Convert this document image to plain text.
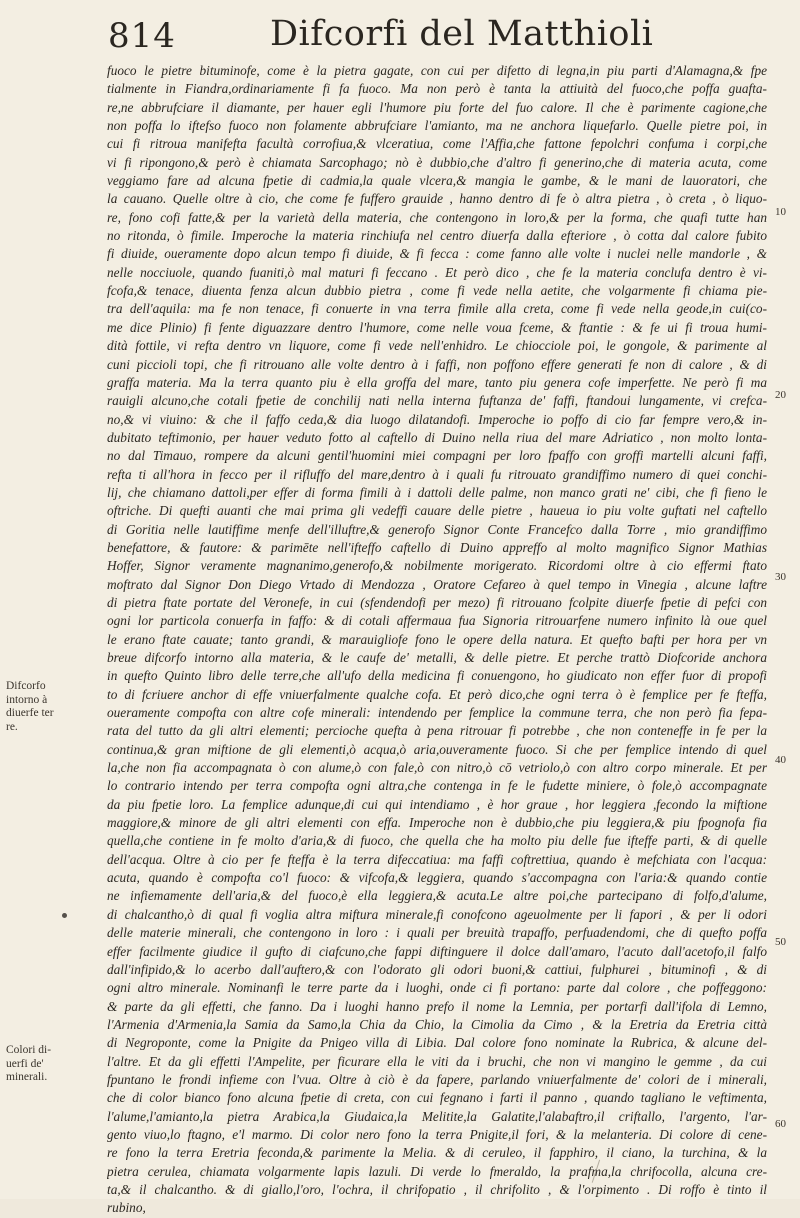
814	Difcorfi del Matthioli
fuoco le pietre bituminofe, come è la pietra gagate, con cui per difetto di legna,in piu parti d'Alamagna,& fpe
tialmente in Fiandra,ordinariamente fi fa fuoco. Ma non però è tanta la attiuità del fuoco,che poffa guafta-
re,ne abbrufciare il diamante, per hauer egli l'humore piu forte del fuo calore. Il che è parimente cagione,che
non poffa lo iftefso fuoco non folamente abbrufciare l'amianto, ma ne anchora liquefarlo. Quelle pietre poi, in
cui fi ritroua manifefta facultà corrofiua,& vlceratiua, come l'Affia,che fattone fepolchri confuma i corpi,che
vi fi ripongono,& però è chiamata Sarcophago; nò è dubbio,che d'altro fi generino,che di materia acuta, come
veggiamo fare ad alcuna fpetie di cadmia,la quale vlcera,& mangia le gambe, & le mani de lauoratori, che
la cauano. Quelle oltre à cio, che come fe fuffero grauide , hanno dentro di fe ò altra pietra , ò creta , ò liquo-
re, fono cofi fatte,& per la varietà della materia, che contengono in loro,& per la forma, che quafi tutte han
no ritonda, ò fimile. Imperoche la materia rinchiufa nel centro diuerfa dalla efteriore , ò cotta dal calore fubito
fi diuide, oueramente dopo alcun tempo fi diuide, & fi fecca : come fanno alle volte i nuclei nelle mandorle , &
nelle nocciuole, quando fuaniti,ò mal maturi fi feccano . Et però dico , che fe la materia conclufa dentro è vi-
fcofa,& tenace, diuenta fenza alcun dubbio pietra , come fi vede nella aetite, che volgarmente fi chiama pie-
tra dell'aquila: ma fe non tenace, fi conuerte in vna terra fimile alla creta, come fi vede nella geode,in cui(co-
me dice Plinio) fi fente diguazzare dentro l'humore, come nelle voua fceme, & ftantie : & fe ui fi troua humi-
dità fottile, vi refta dentro vn liquore, come fi vede nell'enhidro. Le chiocciole poi, le gongole, & parimente al
cuni piccioli topi, che fi ritrouano alle volte dentro à i faffi, non poffono effere generati fe non di calore , & di
graffa materia. Ma la terra quanto piu è ella groffa del mare, tanto piu genera cofe imperfette. Ne però fi ma
rauigli alcuno,che cotali fpetie de conchilij nati nella interna fuftanza de' faffi, ftandoui lungamente, vi crefca-
no,& vi viuino: & che il faffo ceda,& dia luogo dilatandofi. Imperoche io poffo di cio far fempre vero,& in-
dubitato teftimonio, per hauer veduto fotto al caftello di Duino nella riua del mare Adriatico , non molto lonta-
no dal Timauo, rompere da alcuni gentil'huomini miei compagni per loro fpaffo con groffi martelli alcuni faffi,
refta ti all'hora in fecco per il rifluffo del mare,dentro à i quali fu ritrouato grandiffimo numero di quei conchi-
lij, che chiamano dattoli,per effer di forma fimili à i dattoli delle palme, non manco grati ne' cibi, che fi fieno le
oftriche. Di quefti auanti che mai prima gli vedeffi cauare delle pietre , haueua io piu volte guftati nel caftello
di Goritia nelle lautiffime menfe dell'illuftre,& generofo Signor Conte Francefco dalla Torre , mio grandiffimo
benefattore, & fautore: & parimēte nell'ifteffo caftello di Duino appreffo al molto magnifico Signor Mathias
Hoffer, Signor veramente magnanimo,generofo,& nobilmente morigerato. Ricordomi oltre à cio effermi ftato
moftrato dal Signor Don Diego Vrtado di Mendozza , Oratore Cefareo à quel tempo in Vinegia , alcune laftre
di pietra ftate portate del Veronefe, in cui (sfendendofi per mezo) fi ritrouano fcolpite diuerfe fpetie di pefci con
ogni lor particola conuerfa in faffo: & di cotali affermaua fua Signoria ritrouarfene numero infinito là oue quel
le erano ftate cauate; tanto grandi, & marauigliofe fono le opere della natura. Et quefto bafti per hora per vn
breue difcorfo intorno alla materia, & le caufe de' metalli, & delle pietre. Et perche trattò Diofcoride anchora
in quefto Quinto libro delle terre,che all'ufo della medicina fi conuengono, ho giudicato non effer fuor di propofi
to di fcriuere anchor di effe vniuerfalmente qualche cofa. Et però dico,che ogni terra ò è femplice per fe fteffa,
oueramente compofta con altre cofe minerali: intendendo per femplice la commune terra, che non però fia fepa-
rata del tutto da gli altri elementi; percioche quefta à pena ritrouar fi potrebbe , che non conteneffe in fe per la
continua,& gran miftione de gli elementi,ò acqua,ò aria,ouveramente fuoco. Si che per femplice intendo di quel
la,che non fia accompagnata ò con alume,ò con fale,ò con nitro,ò cō vetriolo,ò con altro corpo minerale. Et per
lo contrario intendo per terra compofta ogni altra,che contenga in fe le fudette miniere, ò fole,ò accompagnate
da piu fpetie loro. La femplice adunque,di cui qui intendiamo , è hor graue , hor leggiera ,fecondo la miftione
maggiore,& minore de gli altri elementi con effa. Imperoche non è dubbio,che piu leggiera,& piu fpognofa fia
quella,che contiene in fe molto d'aria,& di fuoco, che quella che ha molto piu delle fue ifteffe parti, & di quelle
dell'acqua. Oltre à cio per fe fteffa è la terra difeccatiua: ma faffi coftrettiua, quando è mefchiata con l'acqua:
acuta, quando è compofta co'l fuoco: & vifcofa,& leggiera, quando s'accompagna con l'aria:& quando contie
ne infiemamente dell'aria,& del fuoco,è ella leggiera,& acuta.Le altre poi,che partecipano di folfo,d'alume,
di chalcanthο,ò di qual fi voglia altra miftura minerale,fi conofcono ageuolmente per li fapori , & per li odori
delle materie minerali, che contengono in loro : i quali per breuità trapaffo, perfuadendomi, che di quefto poffa
effer facilmente giudice il gufto di ciafcuno,che fappi diftinguere il dolce dall'amaro, l'acuto dall'acetofo,il falfo
dall'infipido,& lo acerbo dall'auftero,& con l'odorato gli odori buoni,& cattiui, fulphurei , bituminofi , & di
ogni altro minerale. Nominanfi le terre parte da i luoghi, onde ci fi portano: parte dal colore , che poffeggono:
& parte da gli effetti, che fanno. Da i luoghi hanno prefo il nome la Lemnia, per portarfi dall'ifola di Lemno,
l'Armenia d'Armenia,la Samia da Samo,la Chia da Chio, la Cimolia da Cimo , & la Eretria da Eretria città
di Negroponte, come la Pnigite da Pnigeo villa di Libia. Dal colore fono nominate la Rubrica, & alcune del-
l'altre. Et da gli effetti l'Ampelite, per ficurare ella le viti da i bruchi, che non vi mangino le gemme , da cui
fpuntano le frondi infieme con l'vua. Oltre à ciò è da fapere, parlando vniuerfalmente de' colori de i minerali,
che di color bianco fono alcuna fpetie di creta, con cui fegnano i farti il panno , quando tagliano le veftimenta,
l'alume,l'amianto,la pietra Arabica,la Giudaica,la Melitite,la Galatite,l'alabaftro,il criftallo, l'argento, l'ar-
gento viuo,lo ftagno, e'l marmo. Di color nero fono la terra Pnigite,il fori, & la melanteria. Di colore di cene-
re fono la terra Eretria feconda,& parimente la Melia. & di ceruleo, il fapphiro, il ciano, la turchina, & la
pietra cerulea, chiamata volgarmente lapis lazuli. Di verde lo fmeraldo, la prafma,la chrifocolla, alcuna cre-
ta,& il chalcantho. & di giallo,l'oro, l'ochra, il chrifopatio , il chrifolito , & l'orpimento . Di roffo è tinto il
rubino,
Difcorfo
intorno à
diuerfe ter
re.
Colori di-
uerfi de'
minerali.
10
20
30
40
50
60
